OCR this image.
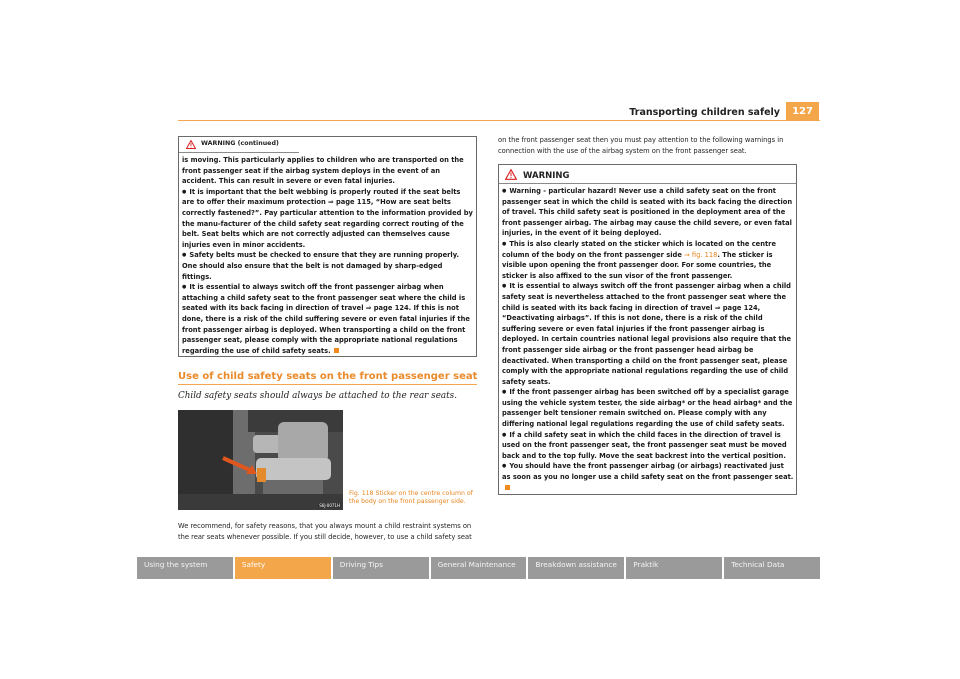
Transporting children safely	127
WARNING (continued)

is moving. This particularly applies to children who are transported on the front passenger seat if the airbag system deploys in the event of an accident. This can result in severe or even fatal injuries.

● It is important that the belt webbing is properly routed if the seat belts are to offer their maximum protection ⇒ page 115, “How are seat belts correctly fastened?”. Pay particular attention to the information provided by the manu-facturer of the child safety seat regarding correct routing of the belt. Seat belts which are not correctly adjusted can themselves cause injuries even in minor accidents.

● Safety belts must be checked to ensure that they are running properly. One should also ensure that the belt is not damaged by sharp-edged fittings.

● It is essential to always switch off the front passenger airbag when attaching a child safety seat to the front passenger seat where the child is seated with its back facing in direction of travel ⇒ page 124. If this is not done, there is a risk of the child suffering severe or even fatal injuries if the front passenger airbag is deployed. When transporting a child on the front passenger seat, please comply with the appropriate national regulations regarding the use of child safety seats.

Use of child safety seats on the front passenger seat
Child safety seats should always be attached to the rear seats.
S6J-0071H
Fig. 118 Sticker on the centre column of the body on the front passenger side.
We recommend, for safety reasons, that you always mount a child restraint systems on the rear seats whenever possible. If you still decide, however, to use a child safety seat
on the front passenger seat then you must pay attention to the following warnings in connection with the use of the airbag system on the front passenger seat.
WARNING

● Warning - particular hazard! Never use a child safety seat on the front passenger seat in which the child is seated with its back facing the direction of travel. This child safety seat is positioned in the deployment area of the front passenger airbag. The airbag may cause the child severe, or even fatal injuries, in the event of it being deployed.

● This is also clearly stated on the sticker which is located on the centre column of the body on the front passenger side ⇒ fig. 118. The sticker is visible upon opening the front passenger door. For some countries, the sticker is also affixed to the sun visor of the front passenger.

● It is essential to always switch off the front passenger airbag when a child safety seat is nevertheless attached to the front passenger seat where the child is seated with its back facing in direction of travel ⇒ page 124, “Deactivating airbags”. If this is not done, there is a risk of the child suffering severe or even fatal injuries if the front passenger airbag is deployed. In certain countries national legal provisions also require that the front passenger side airbag or the front passenger head airbag be deactivated. When transporting a child on the front passenger seat, please comply with the appropriate national regulations regarding the use of child safety seats.

● If the front passenger airbag has been switched off by a specialist garage using the vehicle system tester, the side airbag* or the head airbag* and the passenger belt tensioner remain switched on. Please comply with any differing national legal regulations regarding the use of child safety seats.

● If a child safety seat in which the child faces in the direction of travel is used on the front passenger seat, the front passenger seat must be moved back and to the top fully. Move the seat backrest into the vertical position.

● You should have the front passenger airbag (or airbags) reactivated just as soon as you no longer use a child safety seat on the front passenger seat.

Using the system	Safety	Driving Tips	General Maintenance	Breakdown assistance	Praktik	Technical Data
